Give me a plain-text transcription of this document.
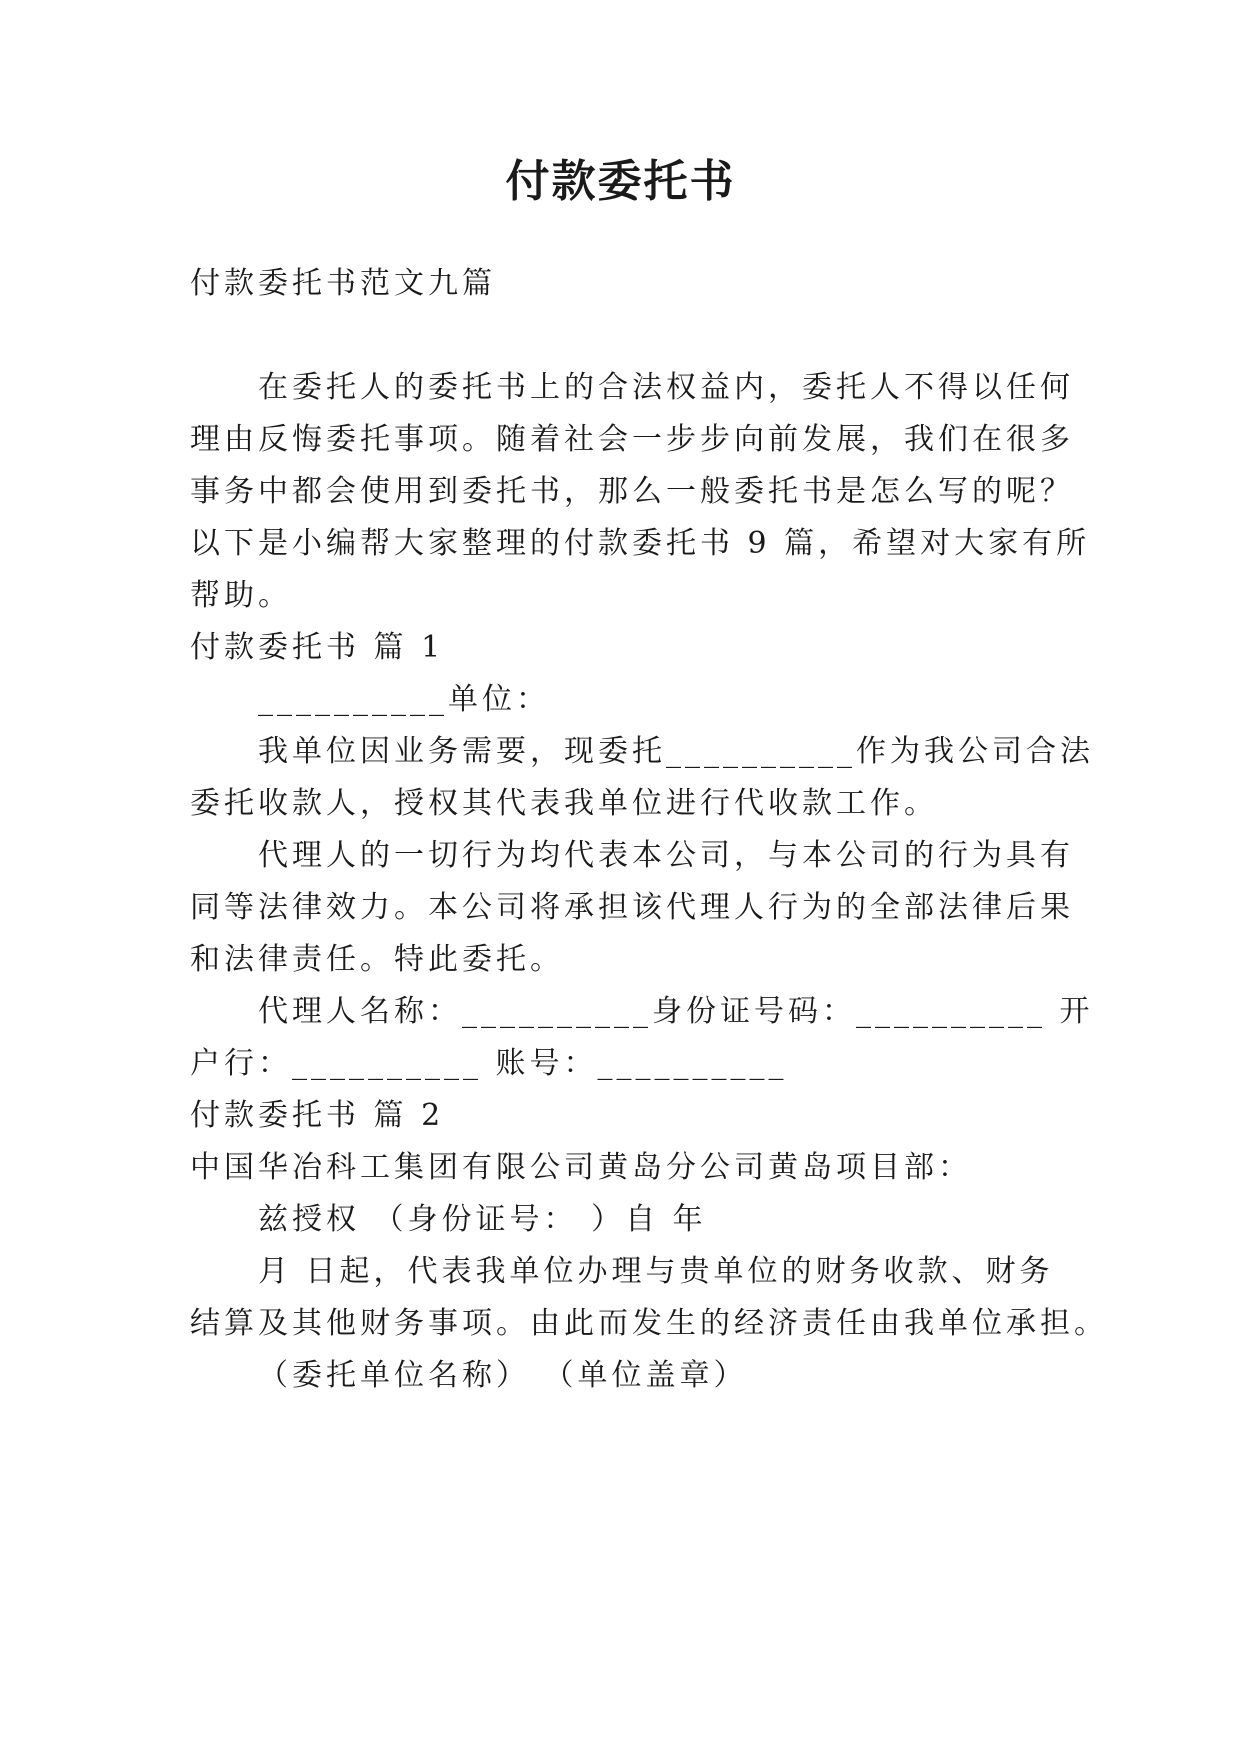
付款委托书
付款委托书范文九篇
在委托人的委托书上的合法权益内，委托人不得以任何
理由反悔委托事项。随着社会一步步向前发展，我们在很多
事务中都会使用到委托书，那么一般委托书是怎么写的呢？
以下是小编帮大家整理的付款委托书 9 篇，希望对大家有所
帮助。
付款委托书 篇 1
__________单位：
我单位因业务需要，现委托__________作为我公司合法
委托收款人，授权其代表我单位进行代收款工作。
代理人的一切行为均代表本公司，与本公司的行为具有
同等法律效力。本公司将承担该代理人行为的全部法律后果
和法律责任。特此委托。
代理人名称：__________身份证号码：__________ 开
户行：__________ 账号：__________
付款委托书 篇 2
中国华冶科工集团有限公司黄岛分公司黄岛项目部：
兹授权 （身份证号： ）自 年
月 日起，代表我单位办理与贵单位的财务收款、财务
结算及其他财务事项。由此而发生的经济责任由我单位承担。
（委托单位名称） （单位盖章）
